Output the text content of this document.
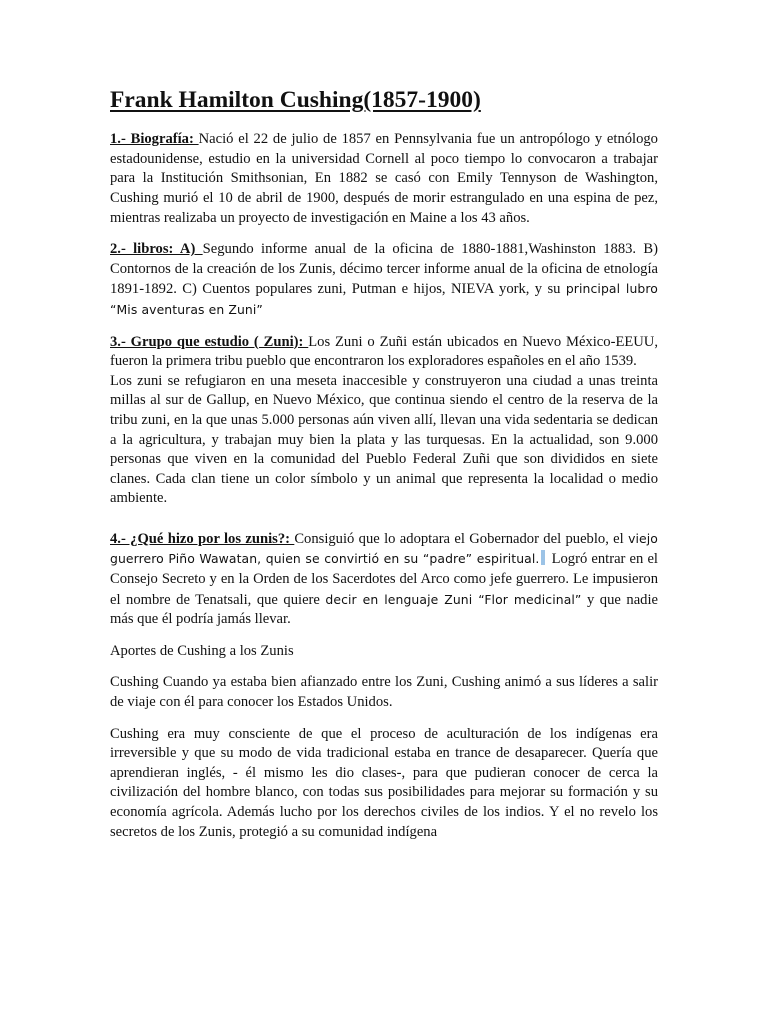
Frank Hamilton Cushing(1857-1900)

1.- Biografía: Nació el 22 de julio de 1857 en Pennsylvania fue un antropólogo y etnólogo estadounidense, estudio en la universidad Cornell al poco tiempo lo convocaron a trabajar para la Institución Smithsonian, En 1882 se casó con Emily Tennyson de Washington, Cushing murió el 10 de abril de 1900, después de morir estrangulado en una espina de pez, mientras realizaba un proyecto de investigación en Maine a los 43 años.

2.- libros: A) Segundo informe anual de la oficina de 1880-1881,Washinston 1883. B) Contornos de la creación de los Zunis, décimo tercer informe anual de la oficina de etnología 1891-1892. C) Cuentos populares zuni, Putman e hijos, NIEVA york, y su principal lubro “Mis aventuras en Zuni”

3.- Grupo que estudio ( Zuni): Los Zuni o Zuñi están ubicados en Nuevo México-EEUU, fueron la primera tribu pueblo que encontraron los exploradores españoles en el año 1539.

Los zuni se refugiaron en una meseta inaccesible y construyeron una ciudad a unas treinta millas al sur de Gallup, en Nuevo México, que continua siendo el centro de la reserva de la tribu zuni, en la que unas 5.000 personas aún viven allí, llevan una vida sedentaria se dedican a la agricultura, y trabajan muy bien la plata y las turquesas. En la actualidad, son 9.000 personas que viven en la comunidad del Pueblo Federal Zuñi que son divididos en siete clanes. Cada clan tiene un color símbolo y un animal que representa la localidad o medio ambiente.

4.- ¿Qué hizo por los zunis?: Consiguió que lo adoptara el Gobernador del pueblo, el viejo guerrero Piño Wawatan, quien se convirtió en su “padre” espiritual. Logró entrar en el Consejo Secreto y en la Orden de los Sacerdotes del Arco como jefe guerrero. Le impusieron el nombre de Tenatsali, que quiere decir en lenguaje Zuni “Flor medicinal” y que nadie más que él podría jamás llevar.

Aportes de Cushing a los Zunis

Cushing Cuando ya estaba bien afianzado entre los Zuni, Cushing animó a sus líderes a salir de viaje con él para conocer los Estados Unidos.

Cushing era muy consciente de que el proceso de aculturación de los indígenas era irreversible y que su modo de vida tradicional estaba en trance de desaparecer. Quería que aprendieran inglés, - él mismo les dio clases-, para que pudieran conocer de cerca la civilización del hombre blanco, con todas sus posibilidades para mejorar su formación y su economía agrícola. Además lucho por los derechos civiles de los indios. Y el no revelo los secretos de los Zunis, protegió a su comunidad indígena
